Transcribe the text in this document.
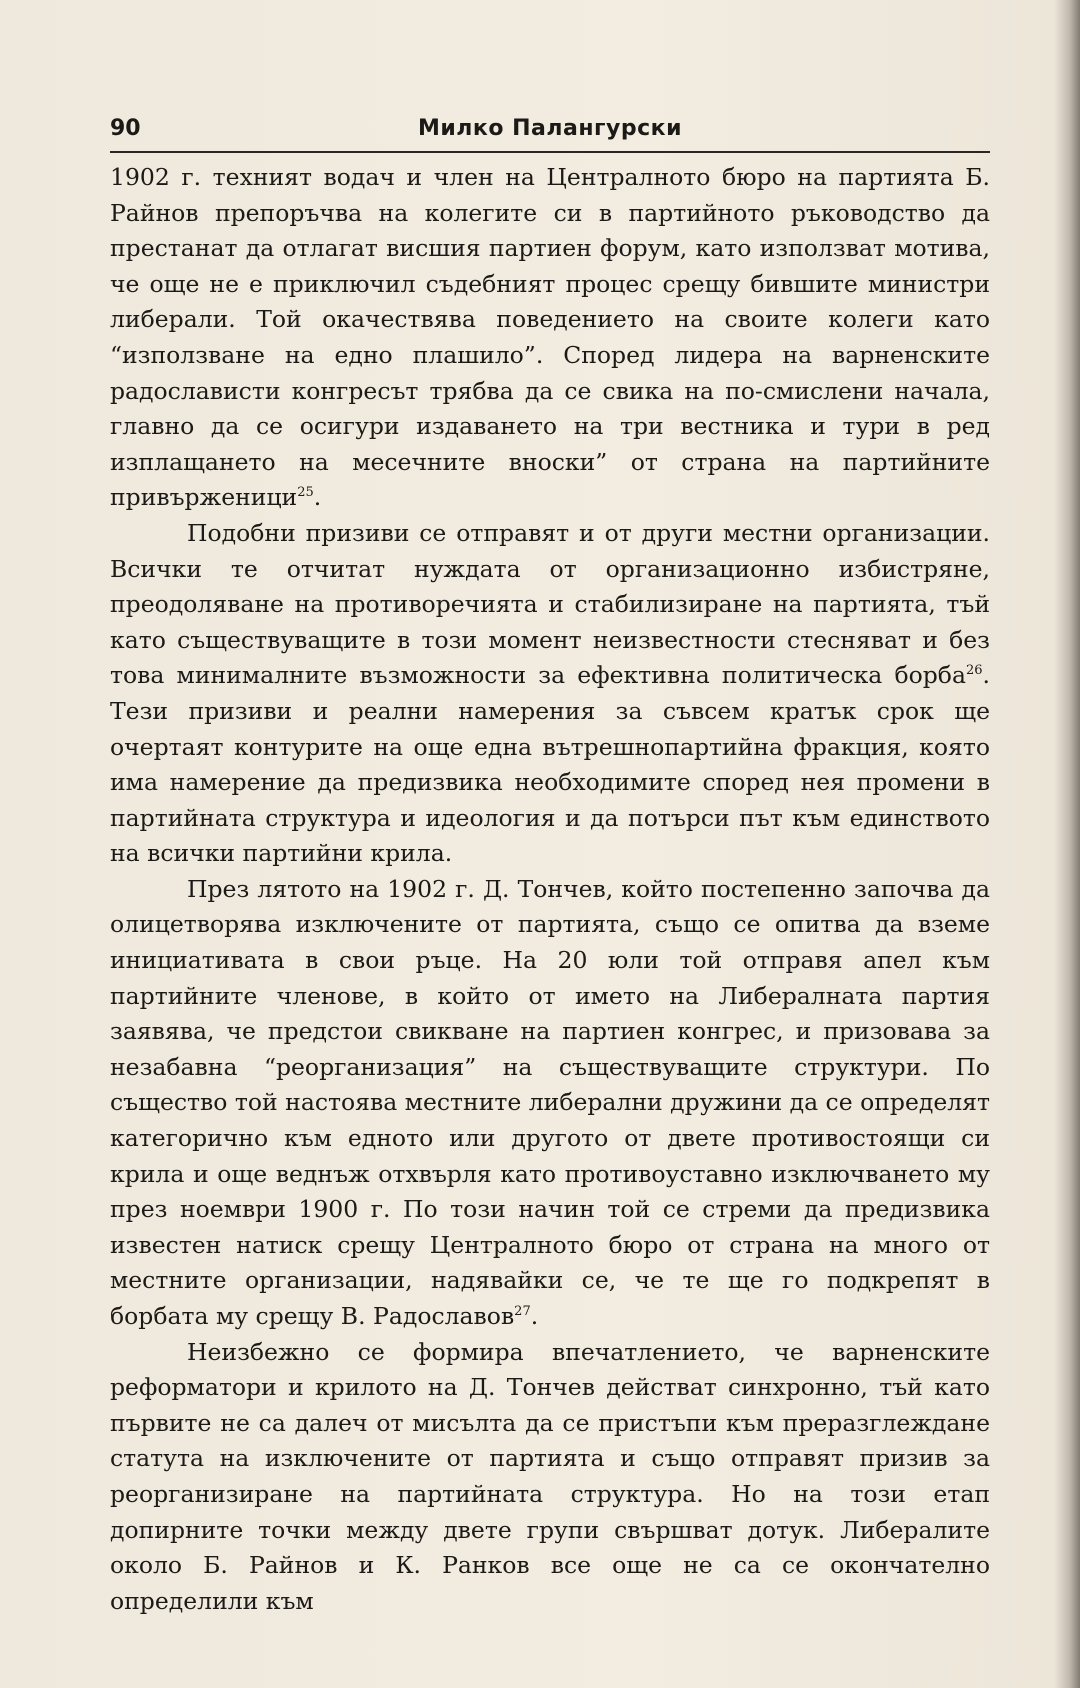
90	Милко Палангурски

1902 г. техният водач и член на Централното бюро на партията Б. Райнов препоръчва на колегите си в партийното ръководство да престанат да отлагат висшия партиен форум, като използват мотива, че още не е приключил съдебният процес срещу бившите министри либерали. Той окачествява поведението на своите колеги като “използване на едно плашило”. Според лидера на варненските радослависти конгресът трябва да се свика на по-смислени начала, главно да се осигури издаването на три вестника и тури в ред изплащането на месечните вноски” от страна на партийните привърженици$^{25}$.

Подобни призиви се отправят и от други местни организации. Всички те отчитат нуждата от организационно избистряне, преодоляване на противоречията и стабилизиране на партията, тъй като съществуващите в този момент неизвестности стесняват и без това минималните възможности за ефективна политическа борба$^{26}$. Тези призиви и реални намерения за съвсем кратък срок ще очертаят контурите на още една вътрешнопартийна фракция, която има намерение да предизвика необходимите според нея промени в партийната структура и идеология и да потърси път към единството на всички партийни крила.

През лятото на 1902 г. Д. Тончев, който постепенно започва да олицетворява изключените от партията, също се опитва да вземе инициативата в свои ръце. На 20 юли той отправя апел към партийните членове, в който от името на Либералната партия заявява, че предстои свикване на партиен конгрес, и призовава за незабавна “реорганизация” на съществуващите структури. По същество той настоява местните либерални дружини да се определят категорично към едното или другото от двете противостоящи си крила и още веднъж отхвърля като противоуставно изключването му през ноември 1900 г. По този начин той се стреми да предизвика известен натиск срещу Централното бюро от страна на много от местните организации, надявайки се, че те ще го подкрепят в борбата му срещу В. Радославов$^{27}$.

Неизбежно се формира впечатлението, че варненските реформатори и крилото на Д. Тончев действат синхронно, тъй като първите не са далеч от мисълта да се пристъпи към преразглеждане статута на изключените от партията и също отправят призив за реорганизиране на партийната структура. Но на този етап допирните точки между двете групи свършват дотук. Либералите около Б. Райнов и К. Ранков все още не са се окончателно определили към
